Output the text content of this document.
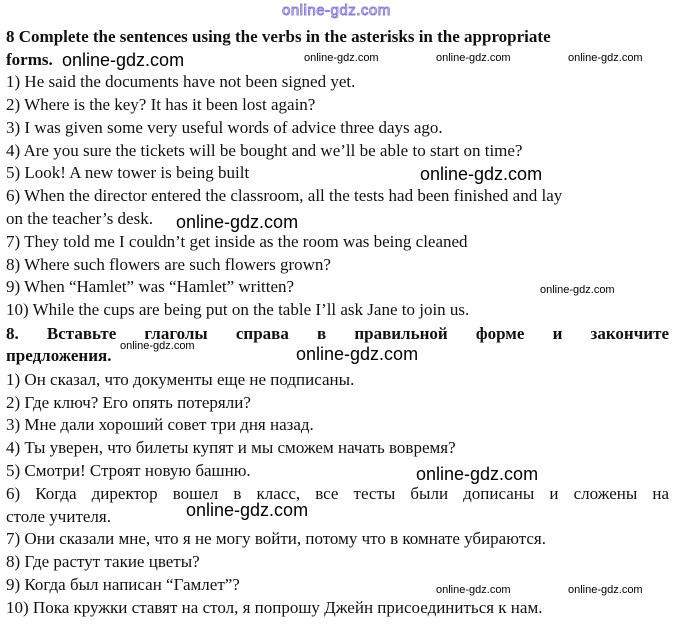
online-gdz.com
8 Complete the sentences using the verbs in the asterisks in the appropriate
forms.
1) He said the documents have not been signed yet.
2) Where is the key? It has it been lost again?
3) I was given some very useful words of advice three days ago.
4) Are you sure the tickets will be bought and we’ll be able to start on time?
5) Look! A new tower is being built
6) When the director entered the classroom, all the tests had been finished and lay
on the teacher’s desk.
7) They told me I couldn’t get inside as the room was being cleaned
8) Where such flowers are such flowers grown?
9) When “Hamlet” was “Hamlet” written?
10) While the cups are being put on the table I’ll ask Jane to join us.
8. Вставьте глаголы справа в правильной форме и закончите
предложения.
1) Он сказал, что документы еще не подписаны.
2) Где ключ? Его опять потеряли?
3) Мне дали хороший совет три дня назад.
4) Ты уверен, что билеты купят и мы сможем начать вовремя?
5) Смотри! Строят новую башню.
6) Когда директор вошел в класс, все тесты были дописаны и сложены на
столе учителя.
7) Они сказали мне, что я не могу войти, потому что в комнате убираются.
8) Где растут такие цветы?
9) Когда был написан “Гамлет”?
10) Пока кружки ставят на стол, я попрошу Джейн присоединиться к нам.
online-gdz.com	online-gdz.com	online-gdz.com	online-gdz.com
online-gdz.com
online-gdz.com
online-gdz.com
online-gdz.com	online-gdz.com
online-gdz.com
online-gdz.com
online-gdz.com	online-gdz.com
